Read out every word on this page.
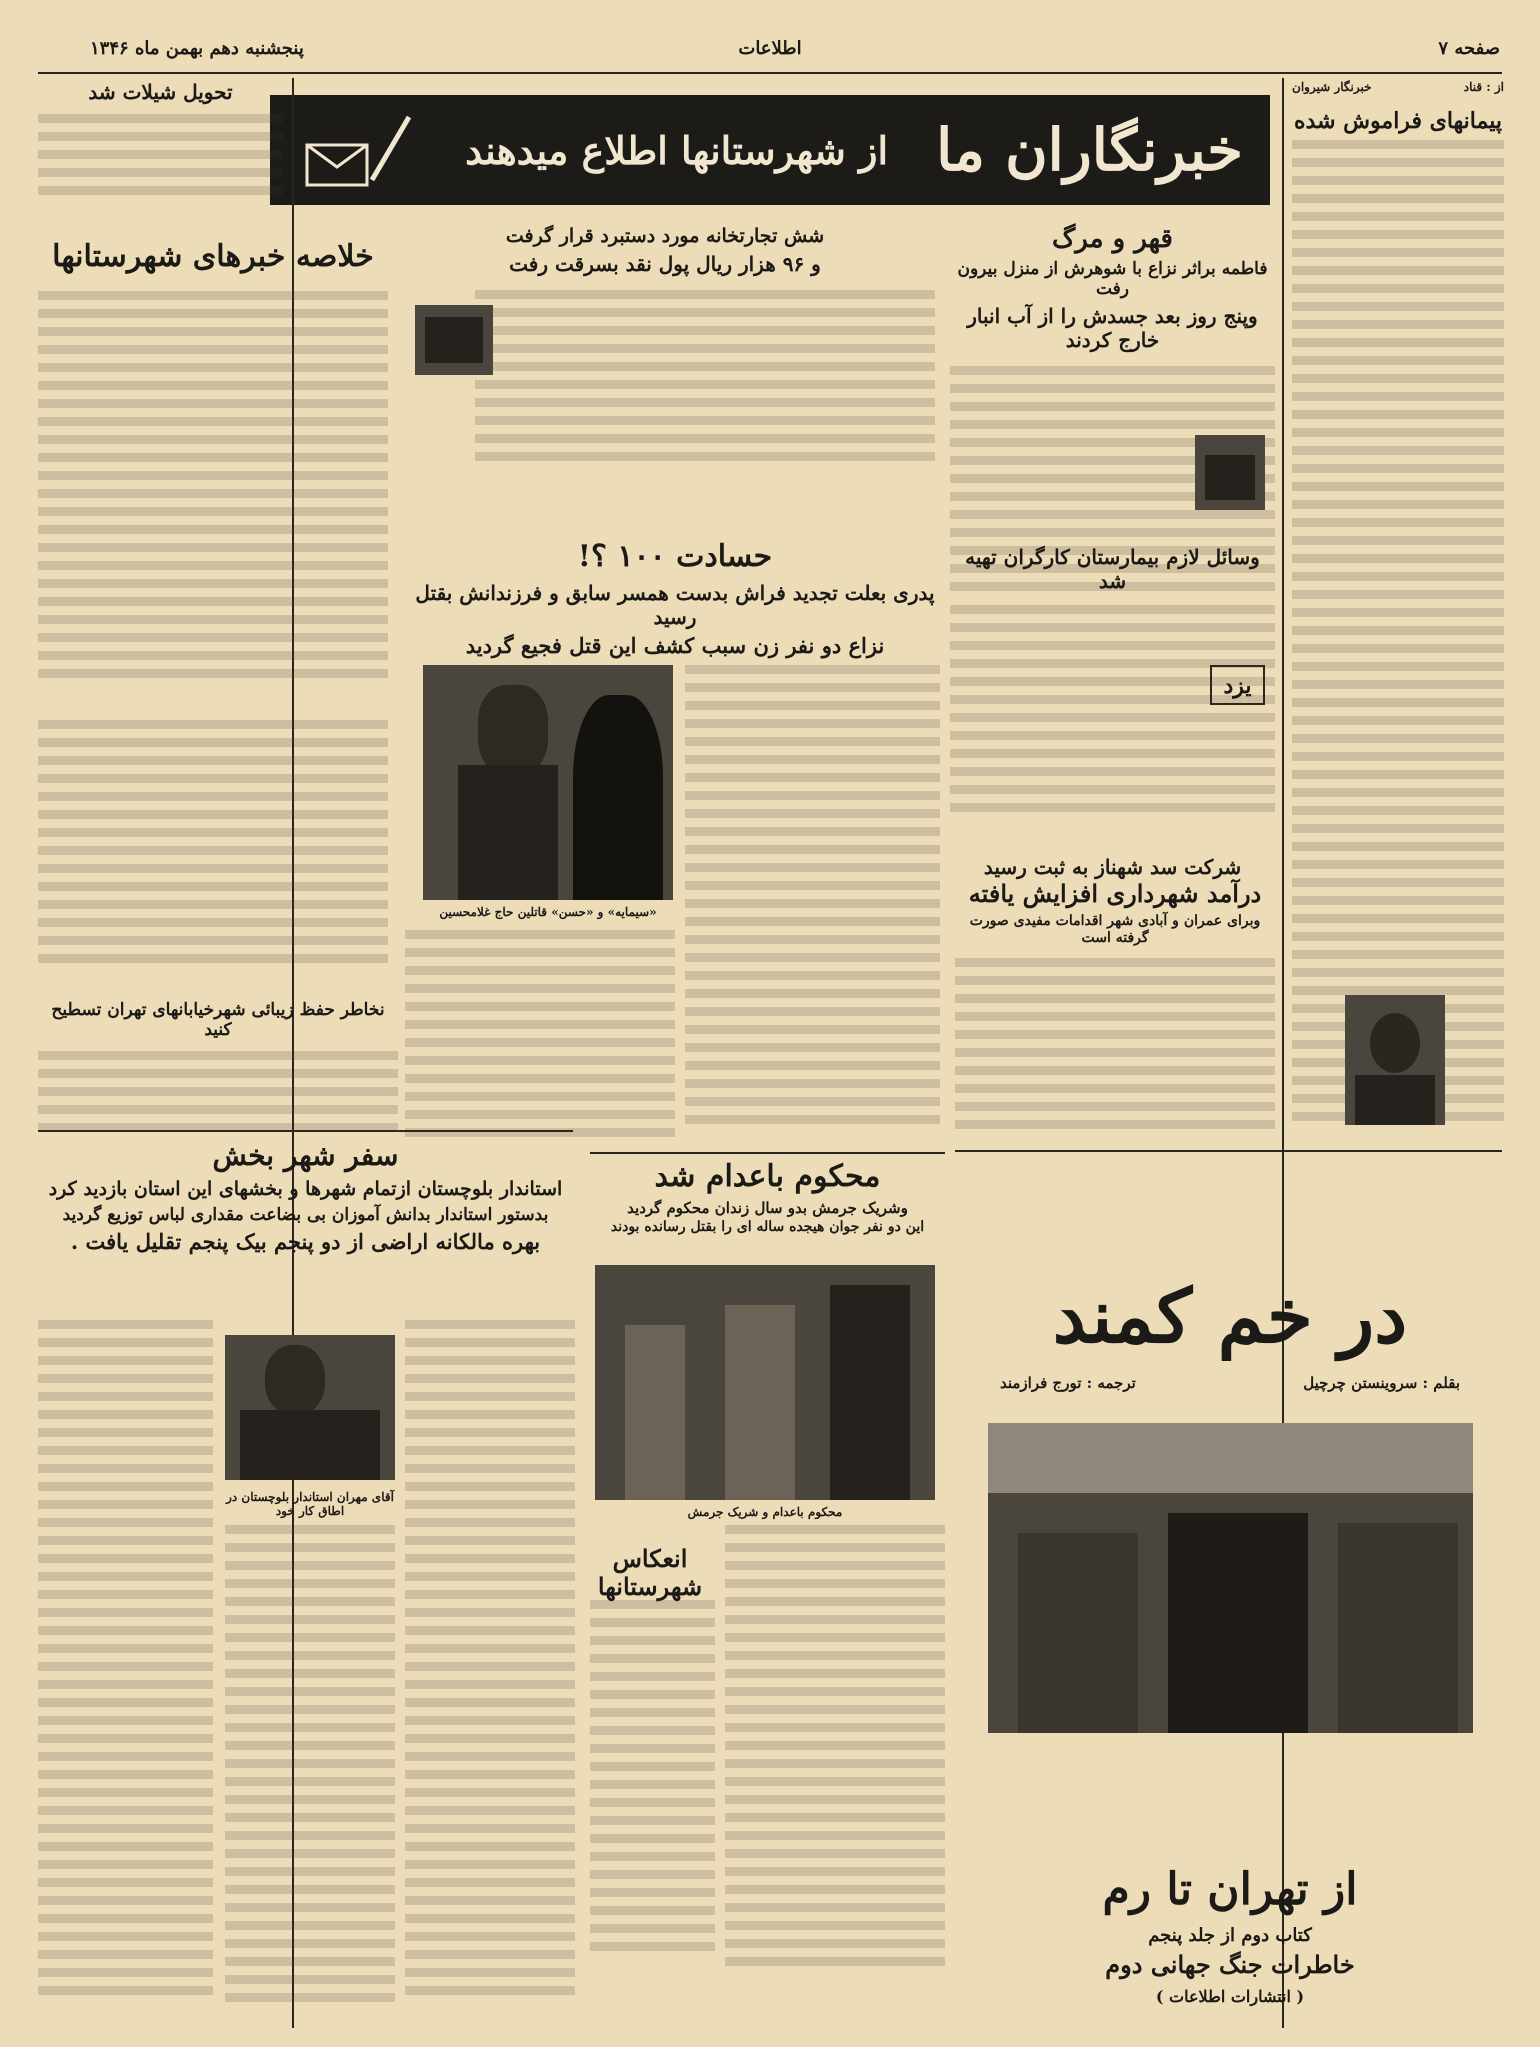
صفحه ۷
اطلاعات
پنجشنبه دهم بهمن ماه ۱۳۴۶
خبرنگاران ما
از شهرستانها اطلاع میدهند
از : قناد
خبرنگار شیروان
پیمانهای فراموش شده
درآمد شهرداری افزایش یافته
وبرای عمران و آبادی شهر اقدامات مفیدی صورت گرفته است
در خم کمند
بقلم : سروینستن چرچیل
ترجمه : تورج فرازمند
از تهران تا رم
کتاب دوم از جلد پنجم
خاطرات جنگ جهانی دوم
( انتشارات اطلاعات )
قهر و مرگ
فاطمه براثر نزاع با شوهرش از منزل بیرون رفت
وپنج روز بعد جسدش را از آب انبار خارج کردند
وسائل لازم بیمارستان کارگران تهیه شد
یزد
شرکت سد شهناز به ثبت رسید
شش تجارتخانه مورد دستبرد قرار گرفت
و ۹۶ هزار ریال پول نقد بسرقت رفت
حسادت ۱۰۰ ؟!
پدری بعلت تجدید فراش بدست همسر سابق و فرزندانش بقتل رسید
نزاع دو نفر زن سبب کشف این قتل فجیع گردید
«سیمایه» و «حسن» قاتلین حاج غلامحسین
محکوم باعدام شد
وشریک جرمش بدو سال زندان محکوم گردید
این دو نفر جوان هیجده ساله ای را بقتل رسانده بودند
محکوم باعدام و شریک جرمش
انعکاس شهرستانها
تحویل شیلات شد
خلاصه خبرهای شهرستانها
نخاطر حفظ زیبائی شهرخیابانهای تهران تسطیح کنید
سفر شهر بخش
استاندار بلوچستان ازتمام شهرها و بخشهای این استان بازدید کرد
بدستور استاندار بدانش آموزان بی بضاعت مقداری لباس توزیع گردید
بهره مالکانه اراضی از دو پنجم بیک پنجم تقلیل یافت .
آقای مهران استاندار بلوچستان در اطاق کار خود
